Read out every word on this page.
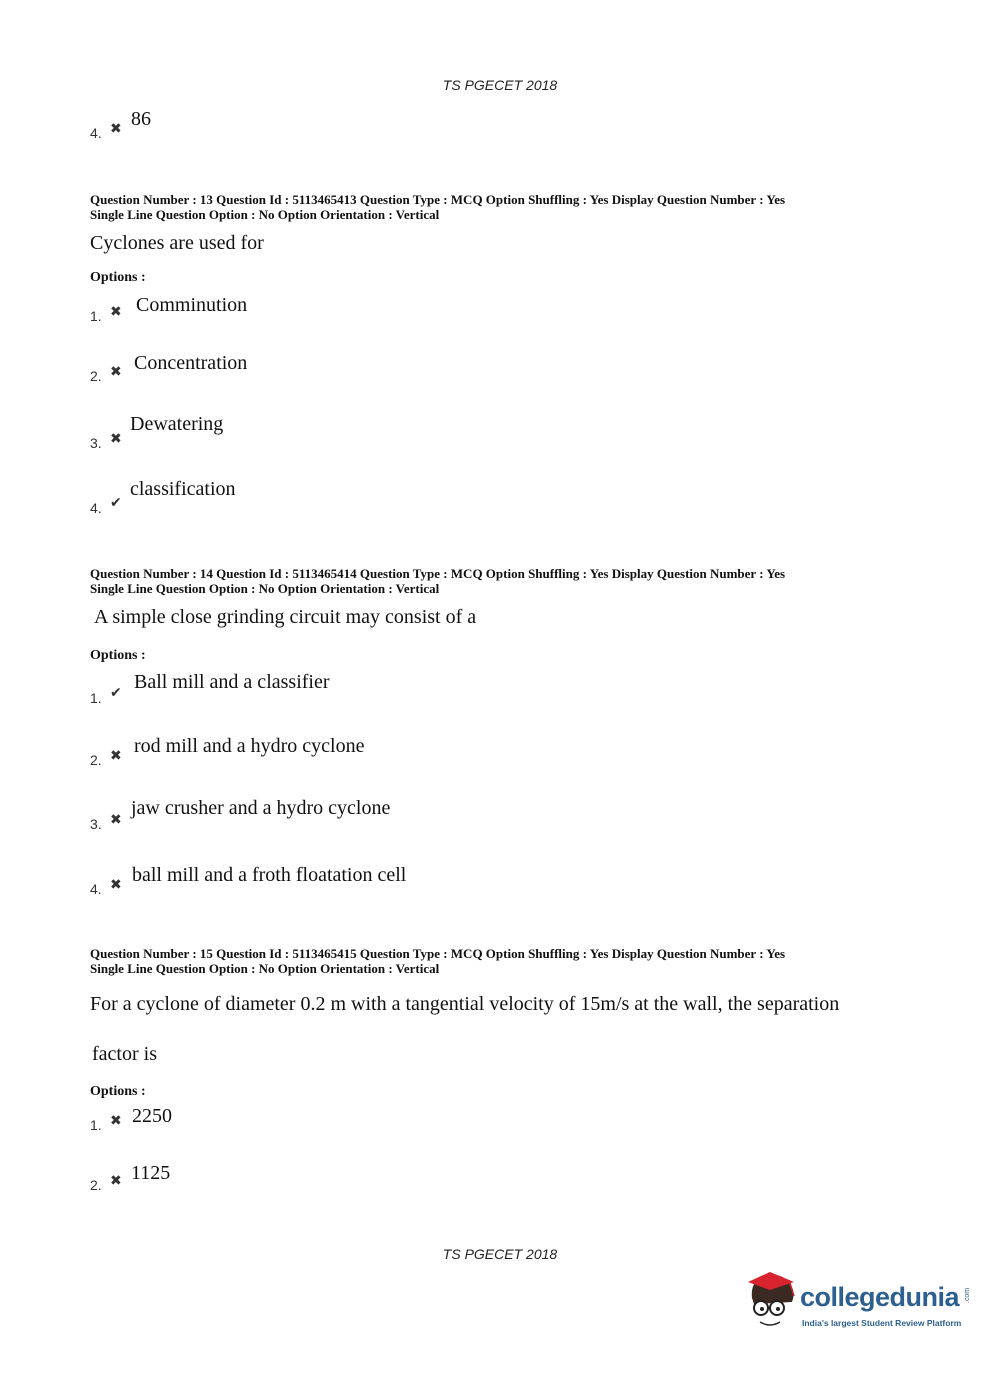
TS PGECET 2018
4. ✖ 86
Question Number : 13 Question Id : 5113465413 Question Type : MCQ Option Shuffling : Yes Display Question Number : Yes
Single Line Question Option : No Option Orientation : Vertical
Cyclones are used for
Options :
1. ✖ Comminution
2. ✖ Concentration
3. ✖
Dewatering
4. ✔
classification
Question Number : 14 Question Id : 5113465414 Question Type : MCQ Option Shuffling : Yes Display Question Number : Yes
Single Line Question Option : No Option Orientation : Vertical
A simple close grinding circuit may consist of a
Options :
1. ✔ Ball mill and a classifier
2. ✖ rod mill and a hydro cyclone
3. ✖
jaw crusher and a hydro cyclone
4. ✖ ball mill and a froth floatation cell
Question Number : 15 Question Id : 5113465415 Question Type : MCQ Option Shuffling : Yes Display Question Number : Yes
Single Line Question Option : No Option Orientation : Vertical
For a cyclone of diameter 0.2 m with a tangential velocity of 15m/s at the wall, the separation
factor is
Options :
1. ✖ 2250
2. ✖ 1125
TS PGECET 2018
collegedunia .com
India's largest Student Review Platform
